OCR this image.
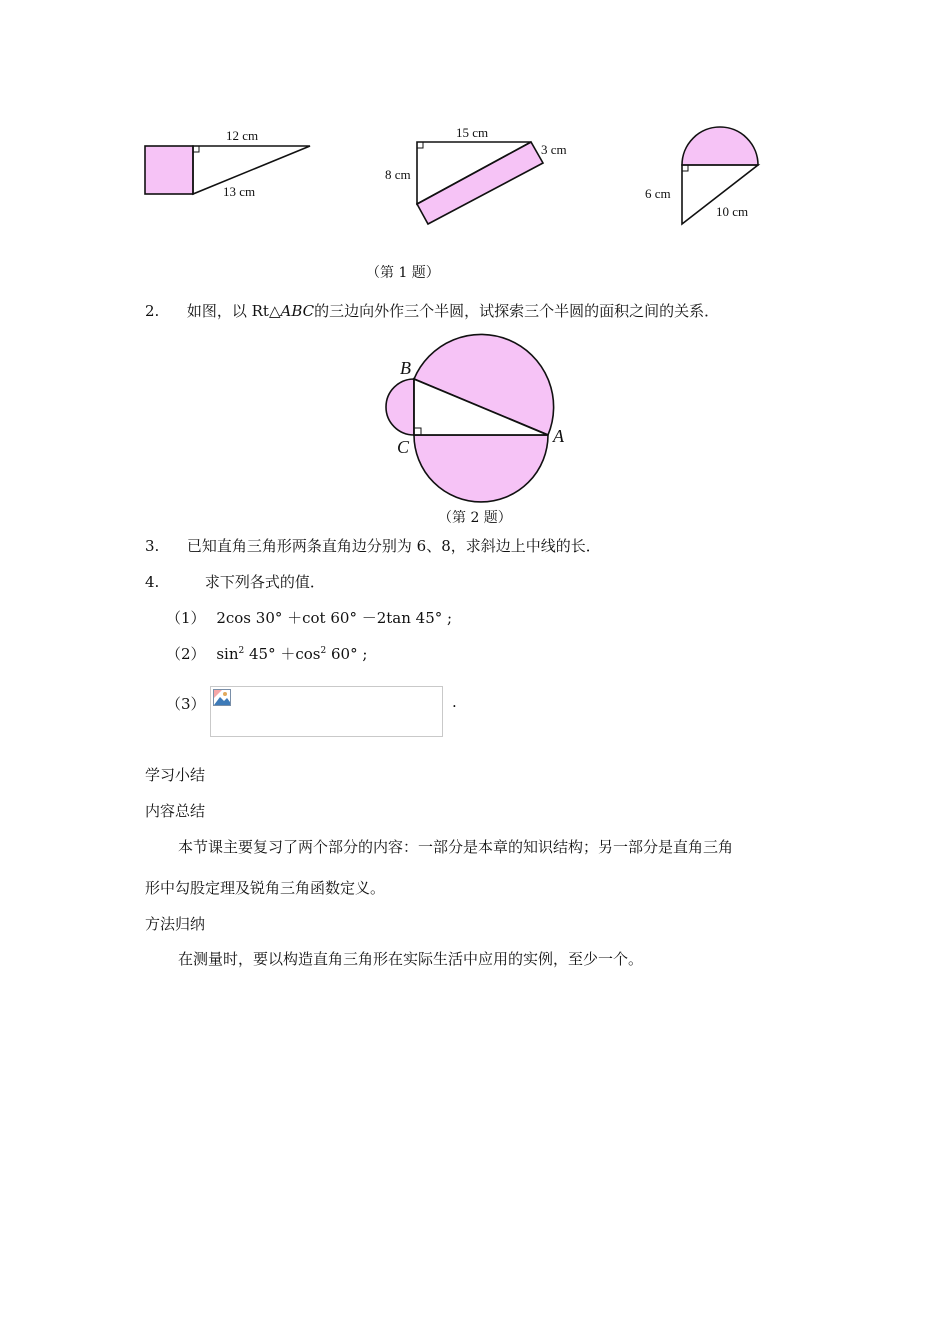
12 cm
13 cm
15 cm
8 cm
3 cm
6 cm
10 cm
（第 1 题）
2. 如图，以 Rt△ABC的三边向外作三个半圆，试探索三个半圆的面积之间的关系．
B
C
A
（第 2 题）
3. 已知直角三角形两条直角边分别为 6、8，求斜边上中线的长．
4.	求下列各式的值．
（1） 2cos 30° ＋cot 60° －2tan 45° ;
（2） $\sin^2 45^\circ +\cos^2$ 60° ;
（3）	.
学习小结
内容总结
本节课主要复习了两个部分的内容：一部分是本章的知识结构；另一部分是直角三角
形中勾股定理及锐角三角函数定义。
方法归纳
在测量时，要以构造直角三角形在实际生活中应用的实例，至少一个。
